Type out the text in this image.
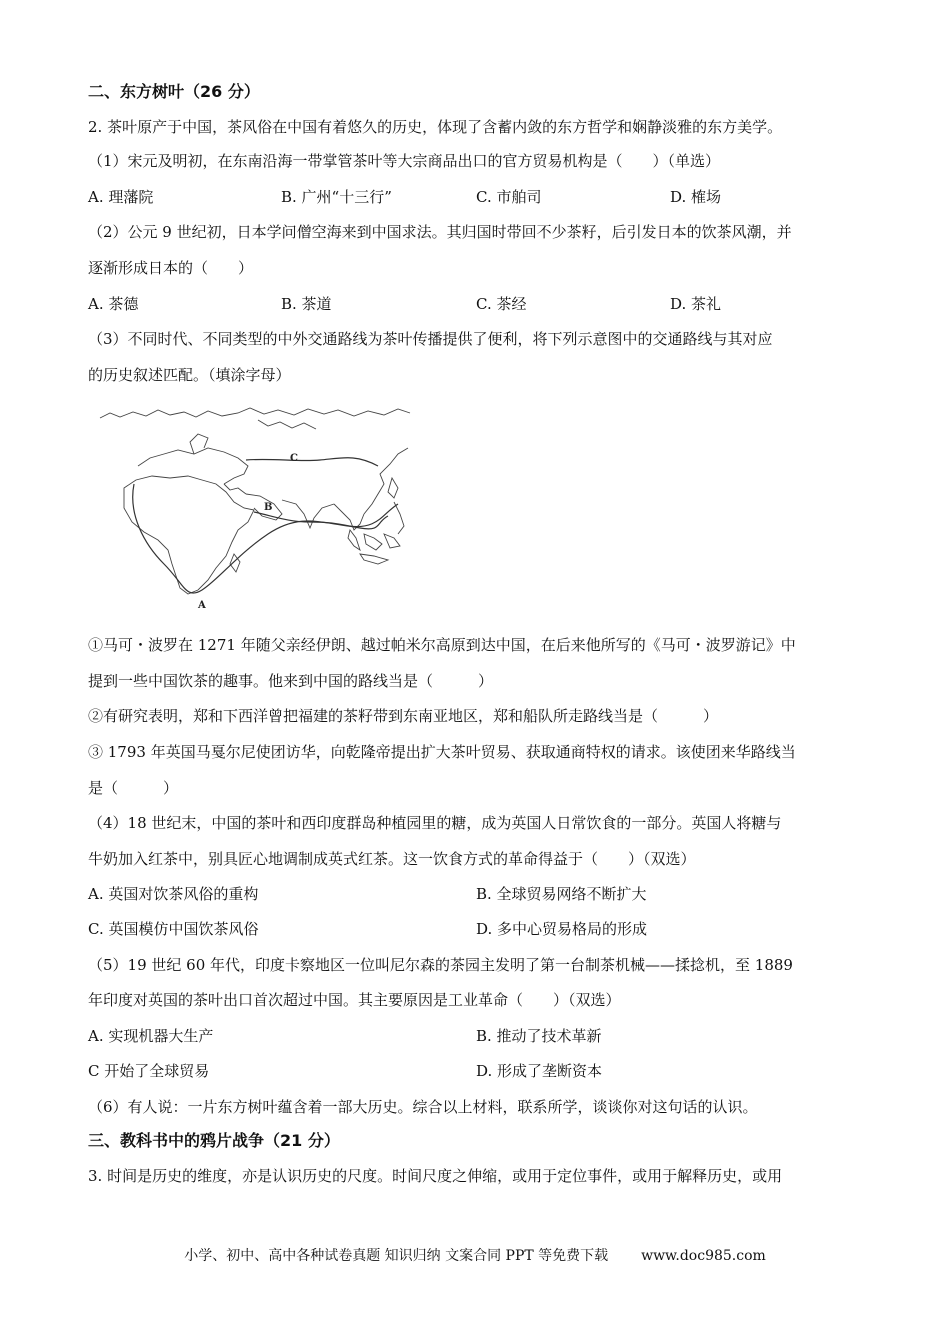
二、东方树叶（26 分）
2. 茶叶原产于中国，茶风俗在中国有着悠久的历史，体现了含蓄内敛的东方哲学和娴静淡雅的东方美学。
（1）宋元及明初，在东南沿海一带掌管茶叶等大宗商品出口的官方贸易机构是（　　）（单选）
A. 理藩院	B. 广州“十三行”	C. 市舶司	D. 榷场
（2）公元 9 世纪初，日本学问僧空海来到中国求法。其归国时带回不少茶籽，后引发日本的饮茶风潮，并
逐渐形成日本的（　　）
A. 茶德	B. 茶道	C. 茶经	D. 茶礼
（3）不同时代、不同类型的中外交通路线为茶叶传播提供了便利，将下列示意图中的交通路线与其对应
的历史叙述匹配。（填涂字母）
C
B
A
①马可・波罗在 1271 年随父亲经伊朗、越过帕米尔高原到达中国，在后来他所写的《马可・波罗游记》中
提到一些中国饮茶的趣事。他来到中国的路线当是（　　　）
②有研究表明，郑和下西洋曾把福建的茶籽带到东南亚地区，郑和船队所走路线当是（　　　）
③ 1793 年英国马戛尔尼使团访华，向乾隆帝提出扩大茶叶贸易、获取通商特权的请求。该使团来华路线当
是（　　　）
（4）18 世纪末，中国的茶叶和西印度群岛种植园里的糖，成为英国人日常饮食的一部分。英国人将糖与
牛奶加入红茶中，别具匠心地调制成英式红茶。这一饮食方式的革命得益于（　　）（双选）
A. 英国对饮茶风俗的重构	B. 全球贸易网络不断扩大
C. 英国模仿中国饮茶风俗	D. 多中心贸易格局的形成
（5）19 世纪 60 年代，印度卡察地区一位叫尼尔森的茶园主发明了第一台制茶机械——揉捻机，至 1889
年印度对英国的茶叶出口首次超过中国。其主要原因是工业革命（　　）（双选）
A. 实现机器大生产	B. 推动了技术革新
C 开始了全球贸易	D. 形成了垄断资本
（6）有人说：一片东方树叶蕴含着一部大历史。综合以上材料，联系所学，谈谈你对这句话的认识。
三、教科书中的鸦片战争（21 分）
3. 时间是历史的维度，亦是认识历史的尺度。时间尺度之伸缩，或用于定位事件，或用于解释历史，或用
小学、初中、高中各种试卷真题 知识归纳 文案合同 PPT 等免费下载 www.doc985.com
